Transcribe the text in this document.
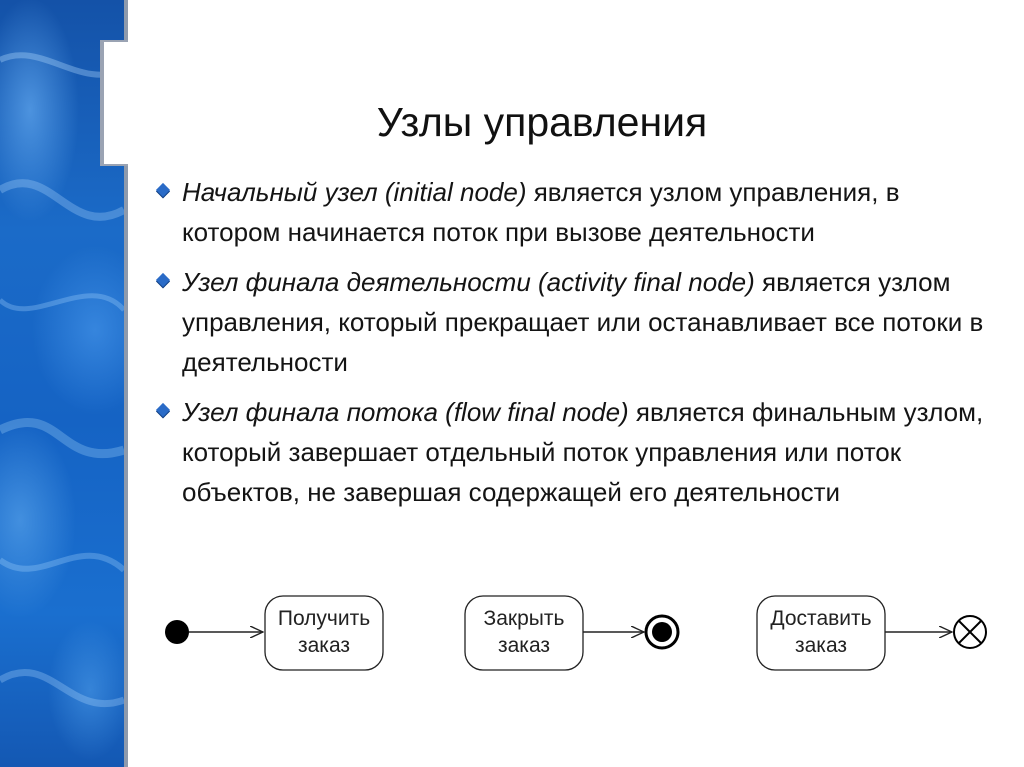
Узлы управления
Начальный узел (initial node) является узлом управления, в котором начинается поток при вызове деятельности
Узел финала деятельности (activity final node) является узлом управления, который прекращает или останавливает все потоки в деятельности
Узел финала потока (flow final node) является финальным узлом, который завершает отдельный поток управления или поток объектов, не завершая содержащей его деятельности
Получить
заказ
Закрыть
заказ
Доставить
заказ
